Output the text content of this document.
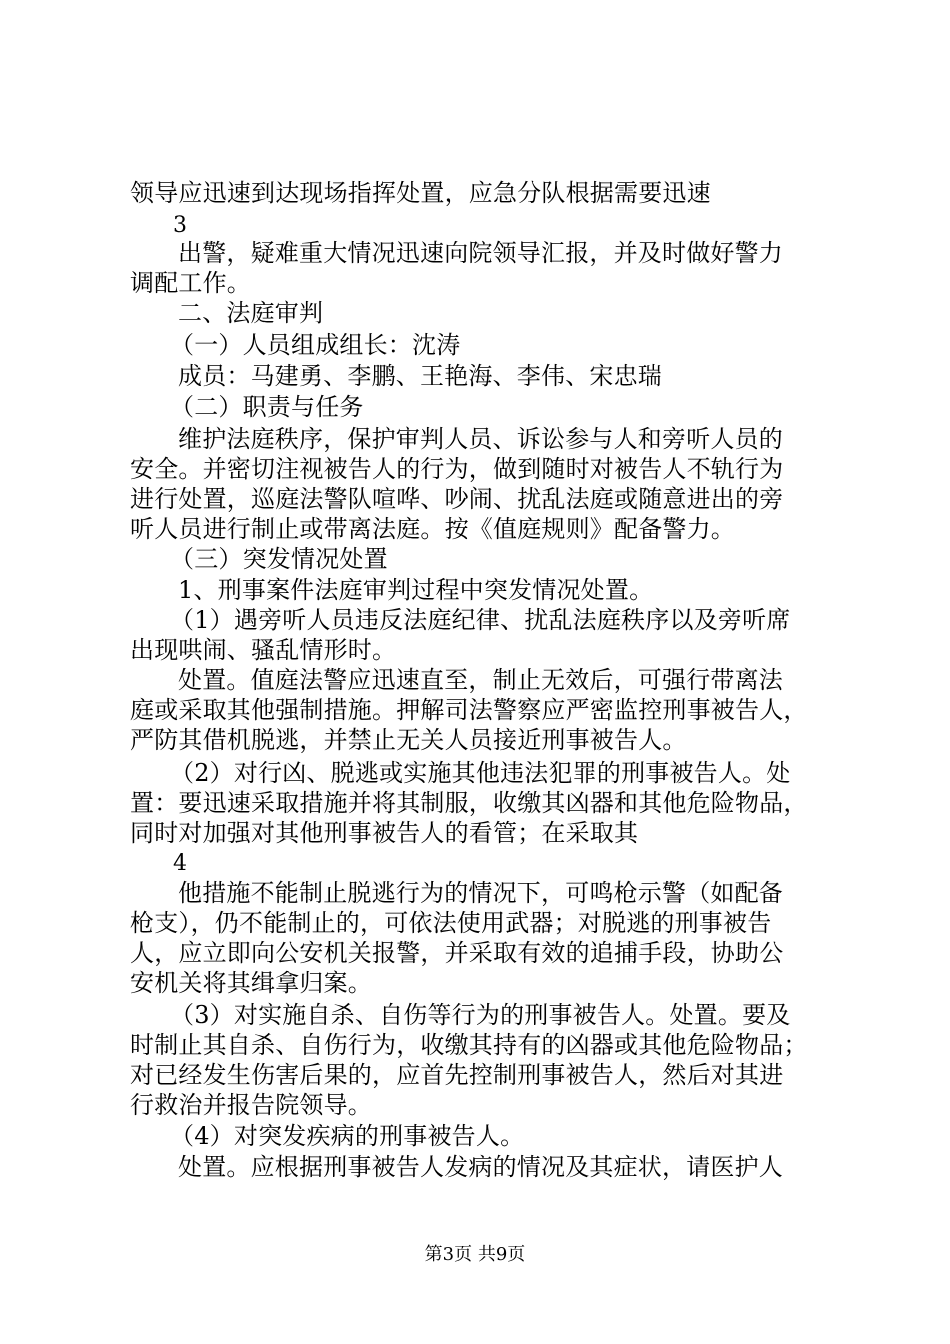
领导应迅速到达现场指挥处置，应急分队根据需要迅速
3
出警，疑难重大情况迅速向院领导汇报，并及时做好警力
调配工作。
二、法庭审判
（一）人员组成组长：沈涛
成员：马建勇、李鹏、王艳海、李伟、宋忠瑞
（二）职责与任务
维护法庭秩序，保护审判人员、诉讼参与人和旁听人员的
安全。并密切注视被告人的行为，做到随时对被告人不轨行为
进行处置，巡庭法警队喧哗、吵闹、扰乱法庭或随意进出的旁
听人员进行制止或带离法庭。按《值庭规则》配备警力。
（三）突发情况处置
1、刑事案件法庭审判过程中突发情况处置。
（1）遇旁听人员违反法庭纪律、扰乱法庭秩序以及旁听席
出现哄闹、骚乱情形时。
处置。值庭法警应迅速直至，制止无效后，可强行带离法
庭或采取其他强制措施。押解司法警察应严密监控刑事被告人，
严防其借机脱逃，并禁止无关人员接近刑事被告人。
（2）对行凶、脱逃或实施其他违法犯罪的刑事被告人。处
置：要迅速采取措施并将其制服，收缴其凶器和其他危险物品，
同时对加强对其他刑事被告人的看管；在采取其
4
他措施不能制止脱逃行为的情况下，可鸣枪示警（如配备
枪支），仍不能制止的，可依法使用武器；对脱逃的刑事被告
人，应立即向公安机关报警，并采取有效的追捕手段，协助公
安机关将其缉拿归案。
（3）对实施自杀、自伤等行为的刑事被告人。处置。要及
时制止其自杀、自伤行为，收缴其持有的凶器或其他危险物品；
对已经发生伤害后果的，应首先控制刑事被告人，然后对其进
行救治并报告院领导。
（4）对突发疾病的刑事被告人。
处置。应根据刑事被告人发病的情况及其症状，请医护人
第3页 共9页
